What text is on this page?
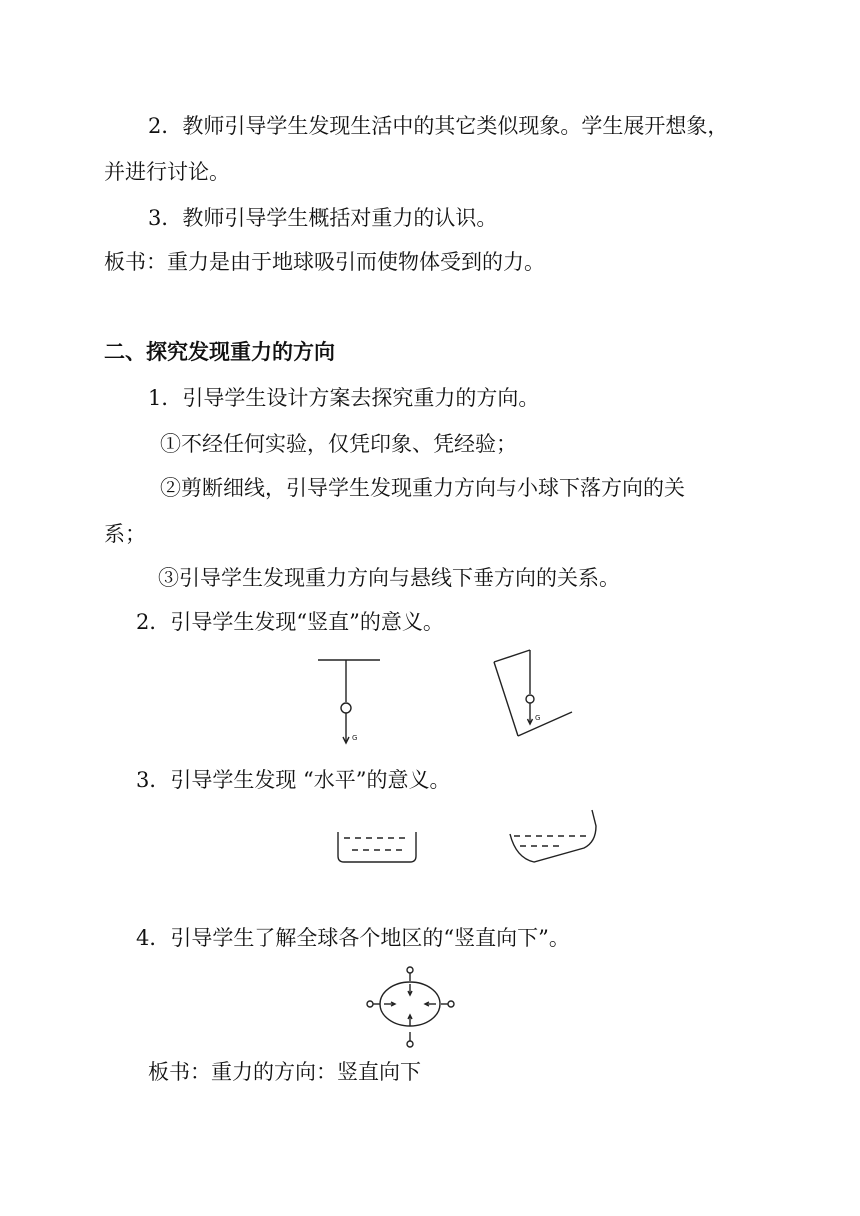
2．教师引导学生发现生活中的其它类似现象。学生展开想象，
并进行讨论。
3．教师引导学生概括对重力的认识。
板书：重力是由于地球吸引而使物体受到的力。
二、探究发现重力的方向
1．引导学生设计方案去探究重力的方向。
①不经任何实验，仅凭印象、凭经验；
②剪断细线，引导学生发现重力方向与小球下落方向的关
系；
③引导学生发现重力方向与悬线下垂方向的关系。
2．引导学生发现“竖直”的意义。
G
G
3．引导学生发现 “水平”的意义。
4．引导学生了解全球各个地区的“竖直向下”。
板书：重力的方向：竖直向下
